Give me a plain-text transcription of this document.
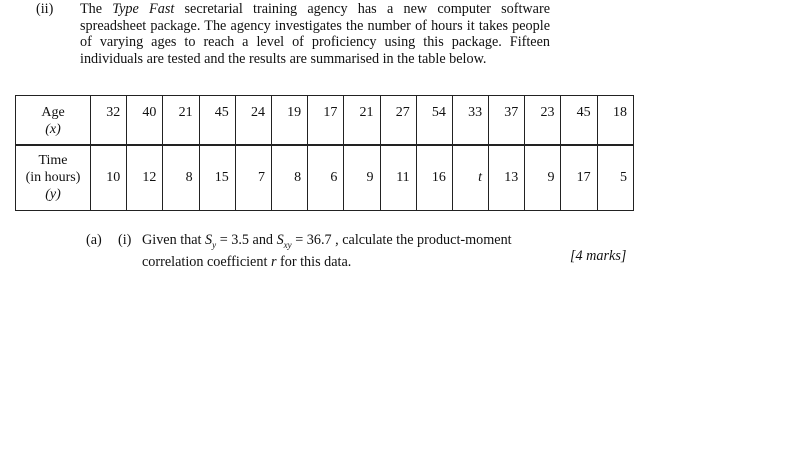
(ii) The Type Fast secretarial training agency has a new computer software spreadsheet package. The agency investigates the number of hours it takes people of varying ages to reach a level of proficiency using this package. Fifteen individuals are tested and the results are summarised in the table below.
Age
(x)	32	40	21	45	24	19	17	21	27	54	33	37	23	45	18
Time
(in hours)
(y)	10	12	8	15	7	8	6	9	11	16	t	13	9	17	5
(a) (i) Given that $S_y = 3.5$ and $S_{xy} = 36.7$ , calculate the product-moment
correlation coefficient r for this data.	[4 marks]
